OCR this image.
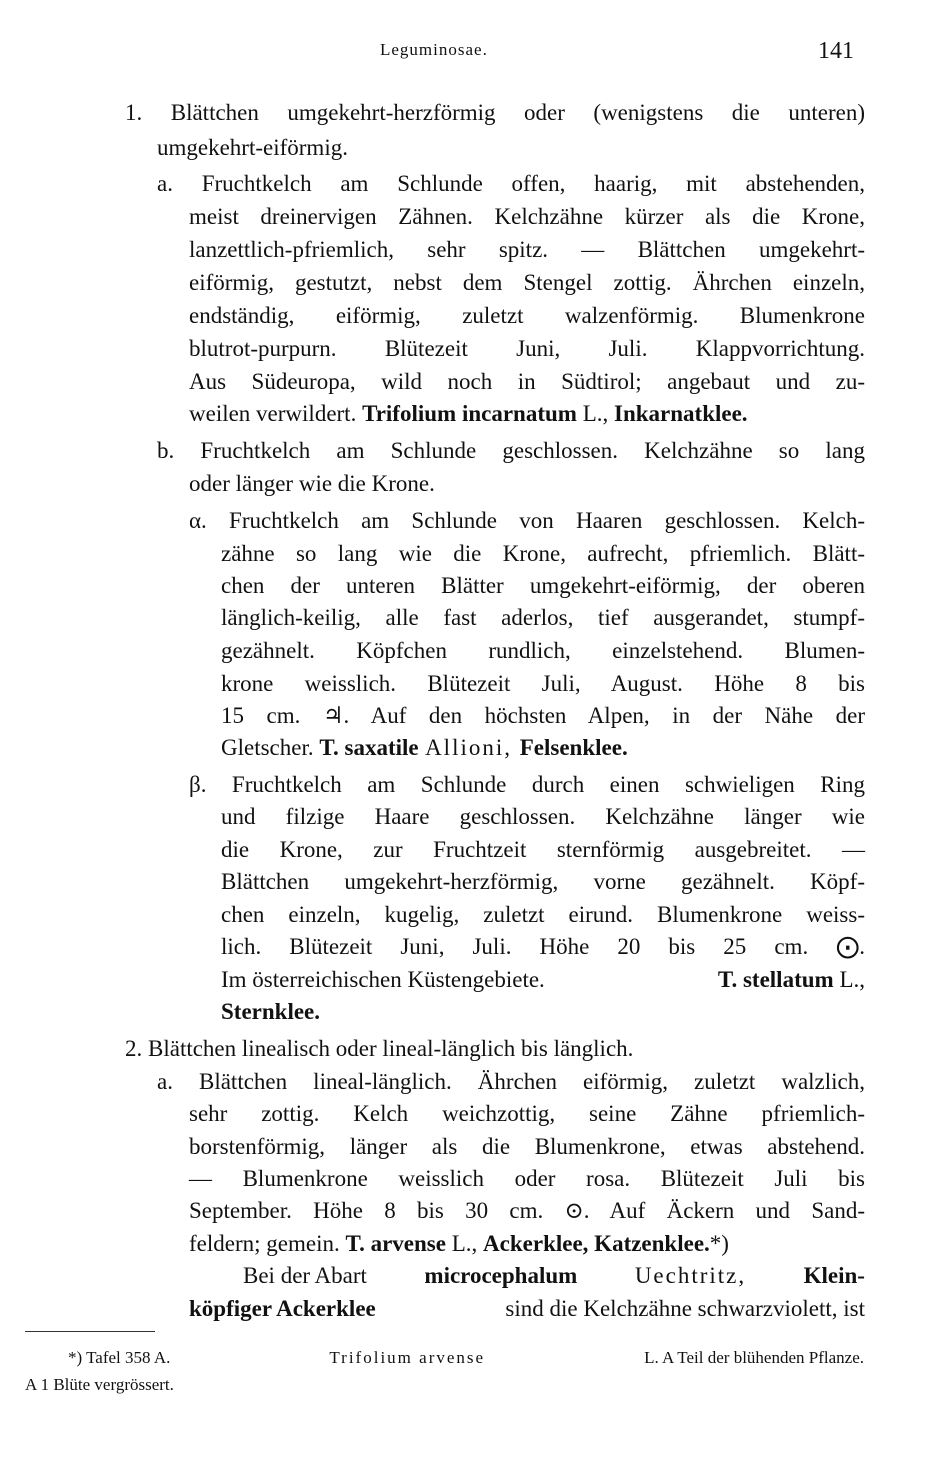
Leguminosae.	141
1. Blättchen umgekehrt-herzförmig oder (wenigstens die unteren)
umgekehrt-eiförmig.
a. Fruchtkelch am Schlunde offen, haarig, mit abstehenden,
meist dreinervigen Zähnen. Kelchzähne kürzer als die Krone,
lanzettlich-pfriemlich, sehr spitz. — Blättchen umgekehrt-
eiförmig, gestutzt, nebst dem Stengel zottig. Ährchen einzeln,
endständig, eiförmig, zuletzt walzenförmig. Blumenkrone
blutrot-purpurn. Blütezeit Juni, Juli. Klappvorrichtung.
Aus Südeuropa, wild noch in Südtirol; angebaut und zu-
weilen verwildert. Trifolium incarnatum L., Inkarnatklee.
b. Fruchtkelch am Schlunde geschlossen. Kelchzähne so lang
oder länger wie die Krone.
α. Fruchtkelch am Schlunde von Haaren geschlossen. Kelch-
zähne so lang wie die Krone, aufrecht, pfriemlich. Blätt-
chen der unteren Blätter umgekehrt-eiförmig, der oberen
länglich-keilig, alle fast aderlos, tief ausgerandet, stumpf-
gezähnelt. Köpfchen rundlich, einzelstehend. Blumen-
krone weisslich. Blütezeit Juli, August. Höhe 8 bis
15 cm. ♃. Auf den höchsten Alpen, in der Nähe der
Gletscher. T. saxatile Allioni, Felsenklee.
β. Fruchtkelch am Schlunde durch einen schwieligen Ring
und filzige Haare geschlossen. Kelchzähne länger wie
die Krone, zur Fruchtzeit sternförmig ausgebreitet. —
Blättchen umgekehrt-herzförmig, vorne gezähnelt. Köpf-
chen einzeln, kugelig, zuletzt eirund. Blumenkrone weiss-
lich. Blütezeit Juni, Juli. Höhe 20 bis 25 cm. ⨀.
Im österreichischen Küstengebiete.	T. stellatum L.,
Sternklee.
2. Blättchen linealisch oder lineal-länglich bis länglich.
a. Blättchen lineal-länglich. Ährchen eiförmig, zuletzt walzlich,
sehr zottig. Kelch weichzottig, seine Zähne pfriemlich-
borstenförmig, länger als die Blumenkrone, etwas abstehend.
— Blumenkrone weisslich oder rosa. Blütezeit Juli bis
September. Höhe 8 bis 30 cm. ⊙. Auf Äckern und Sand-
feldern; gemein. T. arvense L., Ackerklee, Katzenklee.*)
Bei der Abart	microcephalum	Uechtritz,	Klein-
köpfiger Ackerklee	sind die Kelchzähne schwarzviolett, ist
*) Tafel 358 A.	Trifolium arvense	L. A Teil der blühenden Pflanze.
A 1 Blüte vergrössert.
